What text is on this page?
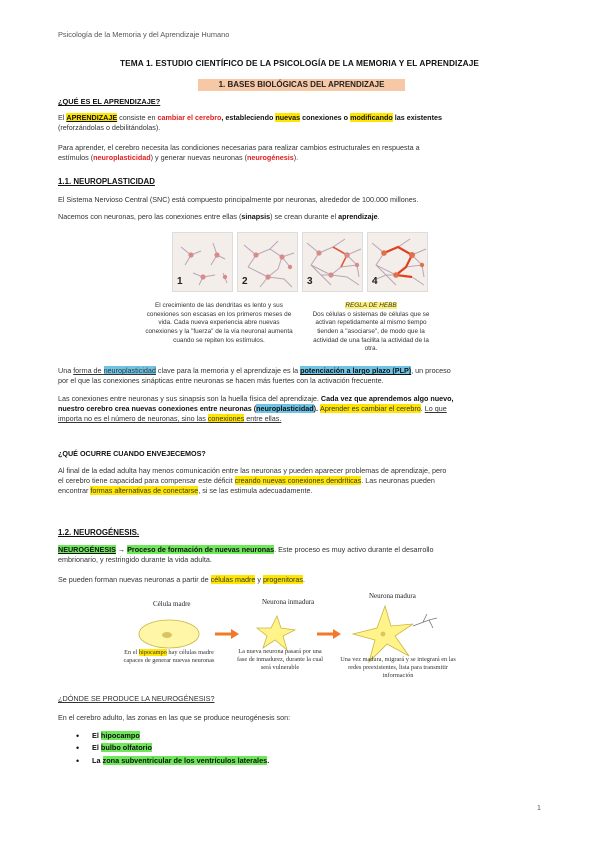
Psicología de la Memoria y del Aprendizaje Humano
TEMA 1. ESTUDIO CIENTÍFICO DE LA PSICOLOGÍA DE LA MEMORIA Y EL APRENDIZAJE
1. BASES BIOLÓGICAS DEL APRENDIZAJE
¿QUÉ ES EL APRENDIZAJE?
El APRENDIZAJE consiste en cambiar el cerebro, estableciendo nuevas conexiones o modificando las existentes
(reforzándolas o debilitándolas).
Para aprender, el cerebro necesita las condiciones necesarias para realizar cambios estructurales en respuesta a
estímulos (neuroplasticidad) y generar nuevas neuronas (neurogénesis).
1.1. NEUROPLASTICIDAD
El Sistema Nervioso Central (SNC) está compuesto principalmente por neuronas, alrededor de 100.000 millones.
Nacemos con neuronas, pero las conexiones entre ellas (sinapsis) se crean durante el aprendizaje.
1	2	3	4
El crecimiento de las dendritas es lento y sus conexiones son escasas en los primeros meses de vida. Cada nueva experiencia abre nuevas conexiones y la "fuerza" de la vía neuronal aumenta cuando se repiten los estímulos.
REGLA DE HEBB
Dos células o sistemas de células que se activan repetidamente al mismo tiempo tienden a "asociarse", de modo que la actividad de una facilita la actividad de la otra.
Una forma de neuroplasticidad clave para la memoria y el aprendizaje es la potenciación a largo plazo (PLP), un proceso
por el que las conexiones sinápticas entre neuronas se hacen más fuertes con la activación frecuente.
Las conexiones entre neuronas y sus sinapsis son la huella física del aprendizaje. Cada vez que aprendemos algo nuevo,
nuestro cerebro crea nuevas conexiones entre neuronas (neuroplasticidad). Aprender es cambiar el cerebro. Lo que
importa no es el número de neuronas, sino las conexiones entre ellas.
¿QUÉ OCURRE CUANDO ENVEJECEMOS?
Al final de la edad adulta hay menos comunicación entre las neuronas y pueden aparecer problemas de aprendizaje, pero
el cerebro tiene capacidad para compensar este déficit creando nuevas conexiones dendríticas. Las neuronas pueden
encontrar formas alternativas de conectarse, si se las estimula adecuadamente.
1.2. NEUROGÉNESIS.
NEUROGÉNESIS → Proceso de formación de nuevas neuronas. Este proceso es muy activo durante el desarrollo
embrionario, y restringido durante la vida adulta.
Se pueden forman nuevas neuronas a partir de células madre y progenitoras.
Célula madre	Neurona inmadura
Neurona madura
En el hipocampo hay células madre capaces de generar nuevas neuronas
La nueva neurona pasará por una fase de inmadurez, durante la cual será vulnerable
Una vez madura, migrará y se integrará en las redes preexistentes, lista para transmitir información
¿DÓNDE SE PRODUCE LA NEUROGÉNESIS?
En el cerebro adulto, las zonas en las que se produce neurogénesis son:
• El hipocampo
• El bulbo olfatorio
• La zona subventricular de los ventrículos laterales.
1
